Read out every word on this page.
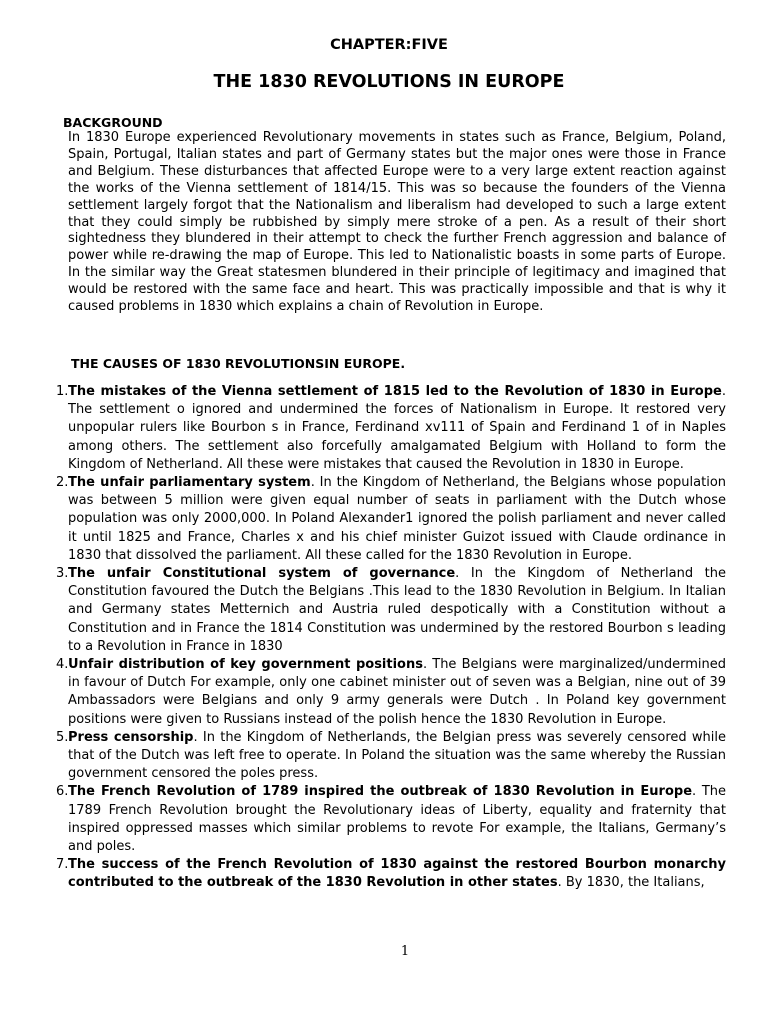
CHAPTER:FIVE
THE 1830 REVOLUTIONS IN EUROPE
BACKGROUND

In 1830 Europe experienced Revolutionary movements in states such as France, Belgium, Poland, Spain, Portugal, Italian states and part of Germany states but the major ones were those in France and Belgium. These disturbances that affected Europe were to a very large extent reaction against the works of the Vienna settlement of 1814/15. This was so because the founders of the Vienna settlement largely forgot that the Nationalism and liberalism had developed to such a large extent that they could simply be rubbished by simply mere stroke of a pen. As a result of their short sightedness they blundered in their attempt to check the further French aggression and balance of power while re-drawing the map of Europe. This led to Nationalistic boasts in some parts of Europe. In the similar way the Great statesmen blundered in their principle of legitimacy and imagined that would be restored with the same face and heart. This was practically impossible and that is why it caused problems in 1830 which explains a chain of Revolution in Europe.

THE CAUSES OF 1830 REVOLUTIONSIN EUROPE.
1. The mistakes of the Vienna settlement of 1815 led to the Revolution of 1830 in Europe. The settlement o ignored and undermined the forces of Nationalism in Europe. It restored very unpopular rulers like Bourbon s in France, Ferdinand xv111 of Spain and Ferdinand 1 of in Naples among others. The settlement also forcefully amalgamated Belgium with Holland to form the Kingdom of Netherland. All these were mistakes that caused the Revolution in 1830 in Europe.
2. The unfair parliamentary system. In the Kingdom of Netherland, the Belgians whose population was between 5 million were given equal number of seats in parliament with the Dutch whose population was only 2000,000. In Poland Alexander1 ignored the polish parliament and never called it until 1825 and France, Charles x and his chief minister Guizot issued with Claude ordinance in 1830 that dissolved the parliament. All these called for the 1830 Revolution in Europe.
3. The unfair Constitutional system of governance. In the Kingdom of Netherland the Constitution favoured the Dutch the Belgians .This lead to the 1830 Revolution in Belgium. In Italian and Germany states Metternich and Austria ruled despotically with a Constitution without a Constitution and in France the 1814 Constitution was undermined by the restored Bourbon s leading to a Revolution in France in 1830
4. Unfair distribution of key government positions. The Belgians were marginalized/undermined in favour of Dutch For example, only one cabinet minister out of seven was a Belgian, nine out of 39 Ambassadors were Belgians and only 9 army generals were Dutch . In Poland key government positions were given to Russians instead of the polish hence the 1830 Revolution in Europe.
5. Press censorship. In the Kingdom of Netherlands, the Belgian press was severely censored while that of the Dutch was left free to operate. In Poland the situation was the same whereby the Russian government censored the poles press.
6. The French Revolution of 1789 inspired the outbreak of 1830 Revolution in Europe. The 1789 French Revolution brought the Revolutionary ideas of Liberty, equality and fraternity that inspired oppressed masses which similar problems to revote For example, the Italians, Germany’s and poles.
7. The success of the French Revolution of 1830 against the restored Bourbon monarchy contributed to the outbreak of the 1830 Revolution in other states. By 1830, the Italians,
1
